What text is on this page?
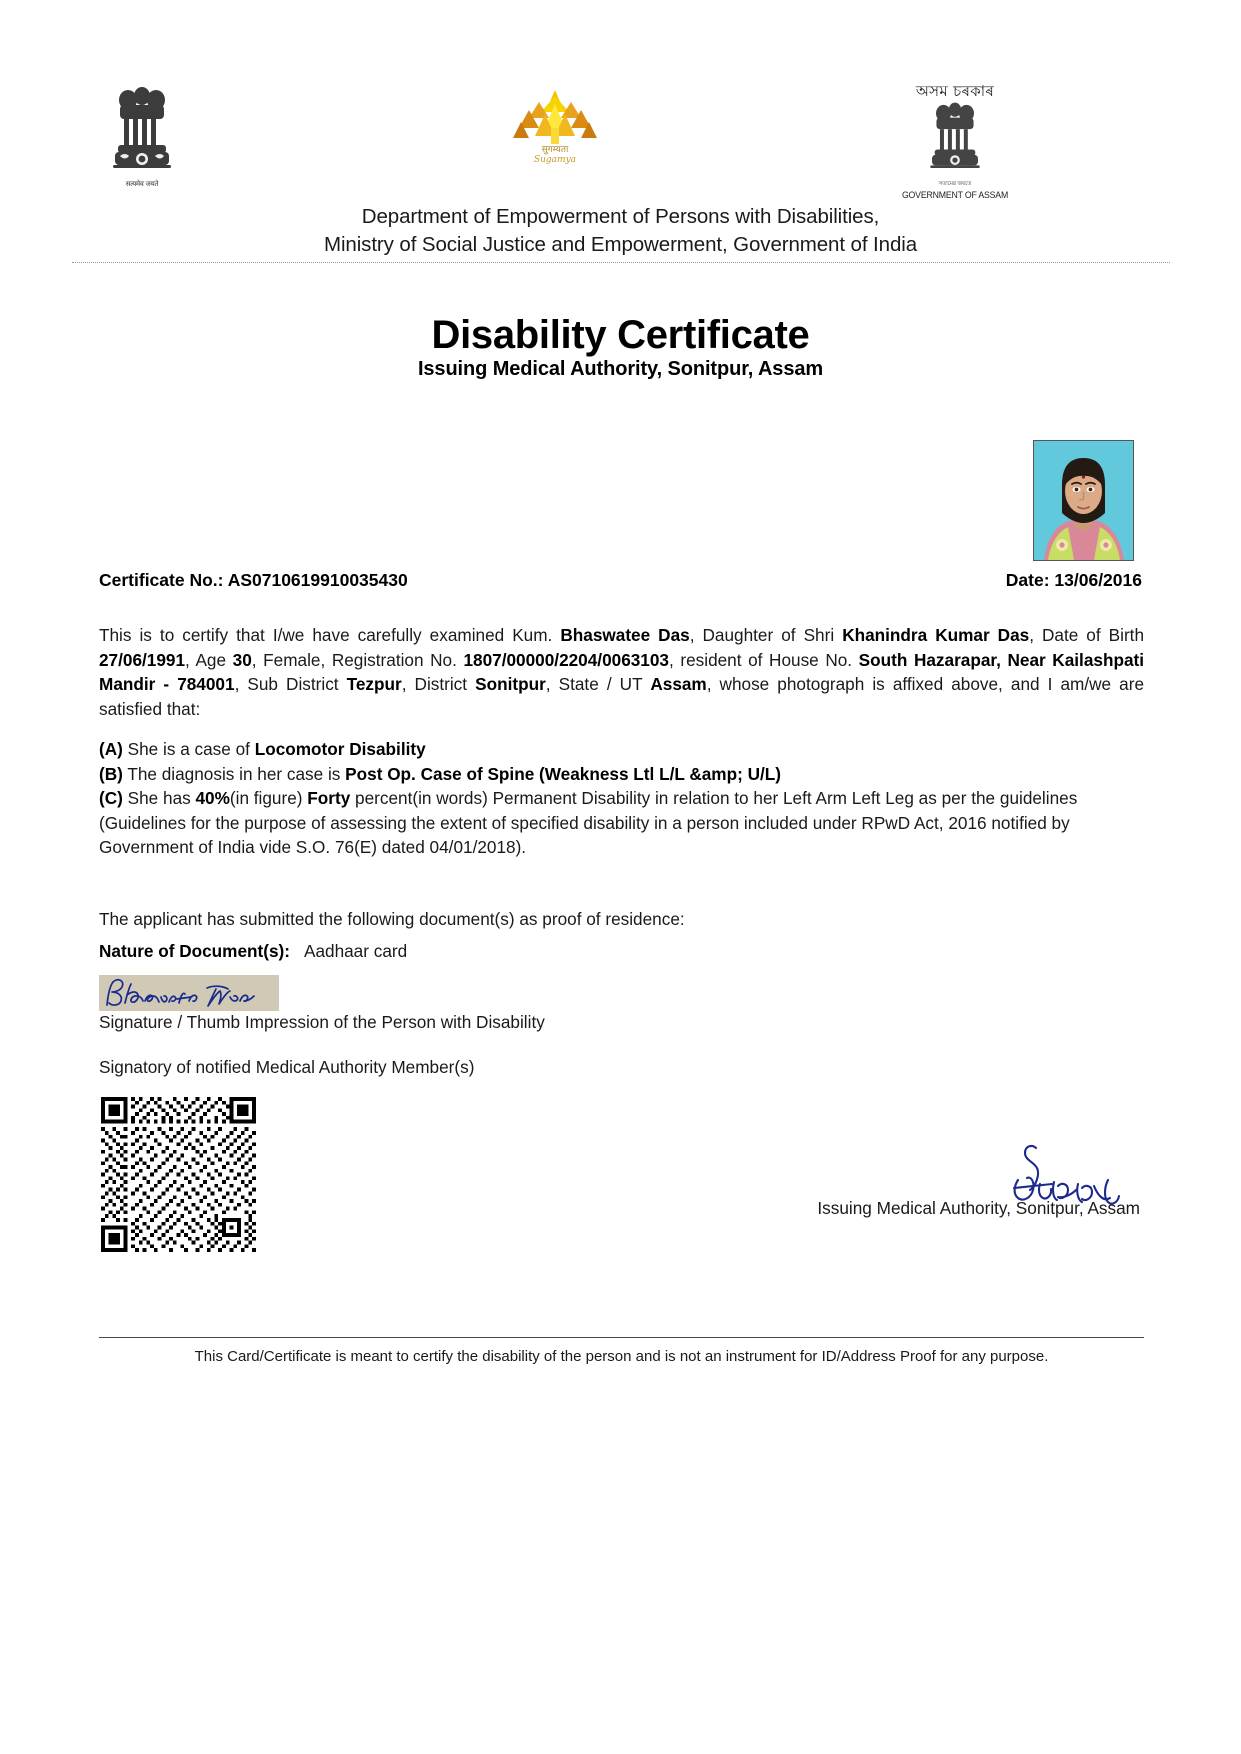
सत्यमेव जयते
सुगम्यता
Sugamya
অসম চৰকাৰ
সত্যমেৱ জয়তে
GOVERNMENT OF ASSAM
Department of Empowerment of Persons with Disabilities,
Ministry of Social Justice and Empowerment, Government of India
Disability Certificate
Issuing Medical Authority, Sonitpur, Assam
Certificate No.: AS0710619910035430	Date: 13/06/2016

This is to certify that I/we have carefully examined Kum. Bhaswatee Das, Daughter of Shri Khanindra Kumar Das, Date of Birth 27/06/1991, Age 30, Female, Registration No. 1807/00000/2204/0063103, resident of House No. South Hazarapar, Near Kailashpati Mandir - 784001, Sub District Tezpur, District Sonitpur, State / UT Assam, whose photograph is affixed above, and I am/we are satisfied that:

(A) She is a case of Locomotor Disability
(B) The diagnosis in her case is Post Op. Case of Spine (Weakness Ltl L/L &amp; U/L)
(C) She has 40%(in figure) Forty percent(in words) Permanent Disability in relation to her Left Arm Left Leg as per the guidelines (Guidelines for the purpose of assessing the extent of specified disability in a person included under RPwD Act, 2016 notified by Government of India vide S.O. 76(E) dated 04/01/2018).
The applicant has submitted the following document(s) as proof of residence:
Nature of Document(s): Aadhaar card
Signature / Thumb Impression of the Person with Disability
Signatory of notified Medical Authority Member(s)
Issuing Medical Authority, Sonitpur, Assam
This Card/Certificate is meant to certify the disability of the person and is not an instrument for ID/Address Proof for any purpose.
